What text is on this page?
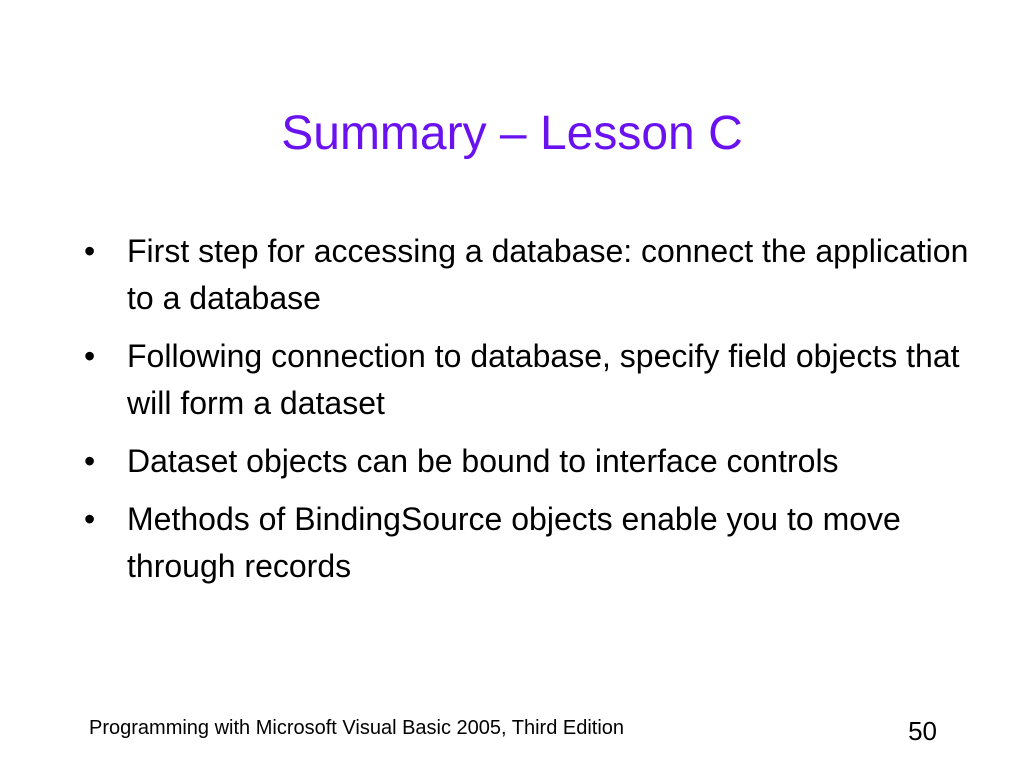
Summary – Lesson C
• First step for accessing a database: connect the application to a database
• Following connection to database, specify field objects that will form a dataset
• Dataset objects can be bound to interface controls
• Methods of BindingSource objects enable you to move through records
Programming with Microsoft Visual Basic 2005, Third Edition	50
